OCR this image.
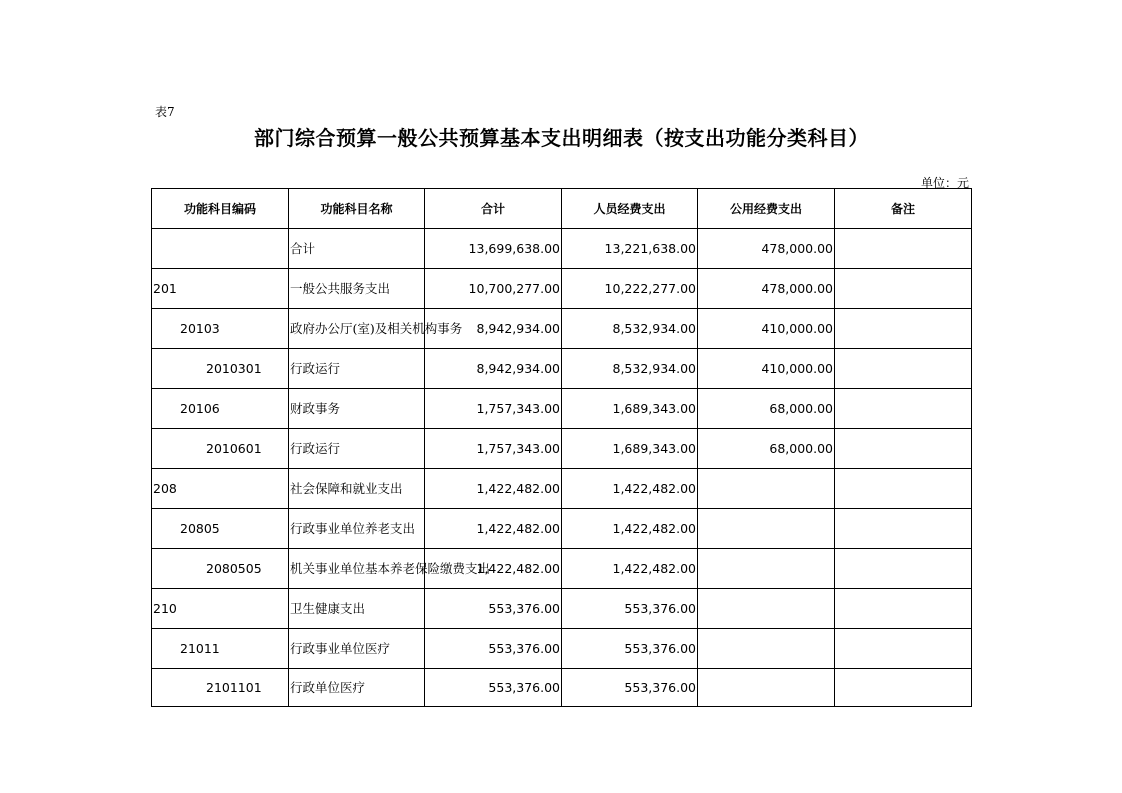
表7
部门综合预算一般公共预算基本支出明细表（按支出功能分类科目）
单位：元
功能科目编码	功能科目名称	合计	人员经费支出	公用经费支出	备注
	合计	13,699,638.00	13,221,638.00	478,000.00	
201	一般公共服务支出	10,700,277.00	10,222,277.00	478,000.00	
20103	政府办公厅(室)及相关机构事务	8,942,934.00	8,532,934.00	410,000.00	
2010301	行政运行	8,942,934.00	8,532,934.00	410,000.00	
20106	财政事务	1,757,343.00	1,689,343.00	68,000.00	
2010601	行政运行	1,757,343.00	1,689,343.00	68,000.00	
208	社会保障和就业支出	1,422,482.00	1,422,482.00		
20805	行政事业单位养老支出	1,422,482.00	1,422,482.00		
2080505	机关事业单位基本养老保险缴费支出	1,422,482.00	1,422,482.00		
210	卫生健康支出	553,376.00	553,376.00		
21011	行政事业单位医疗	553,376.00	553,376.00		
2101101	行政单位医疗	553,376.00	553,376.00		
